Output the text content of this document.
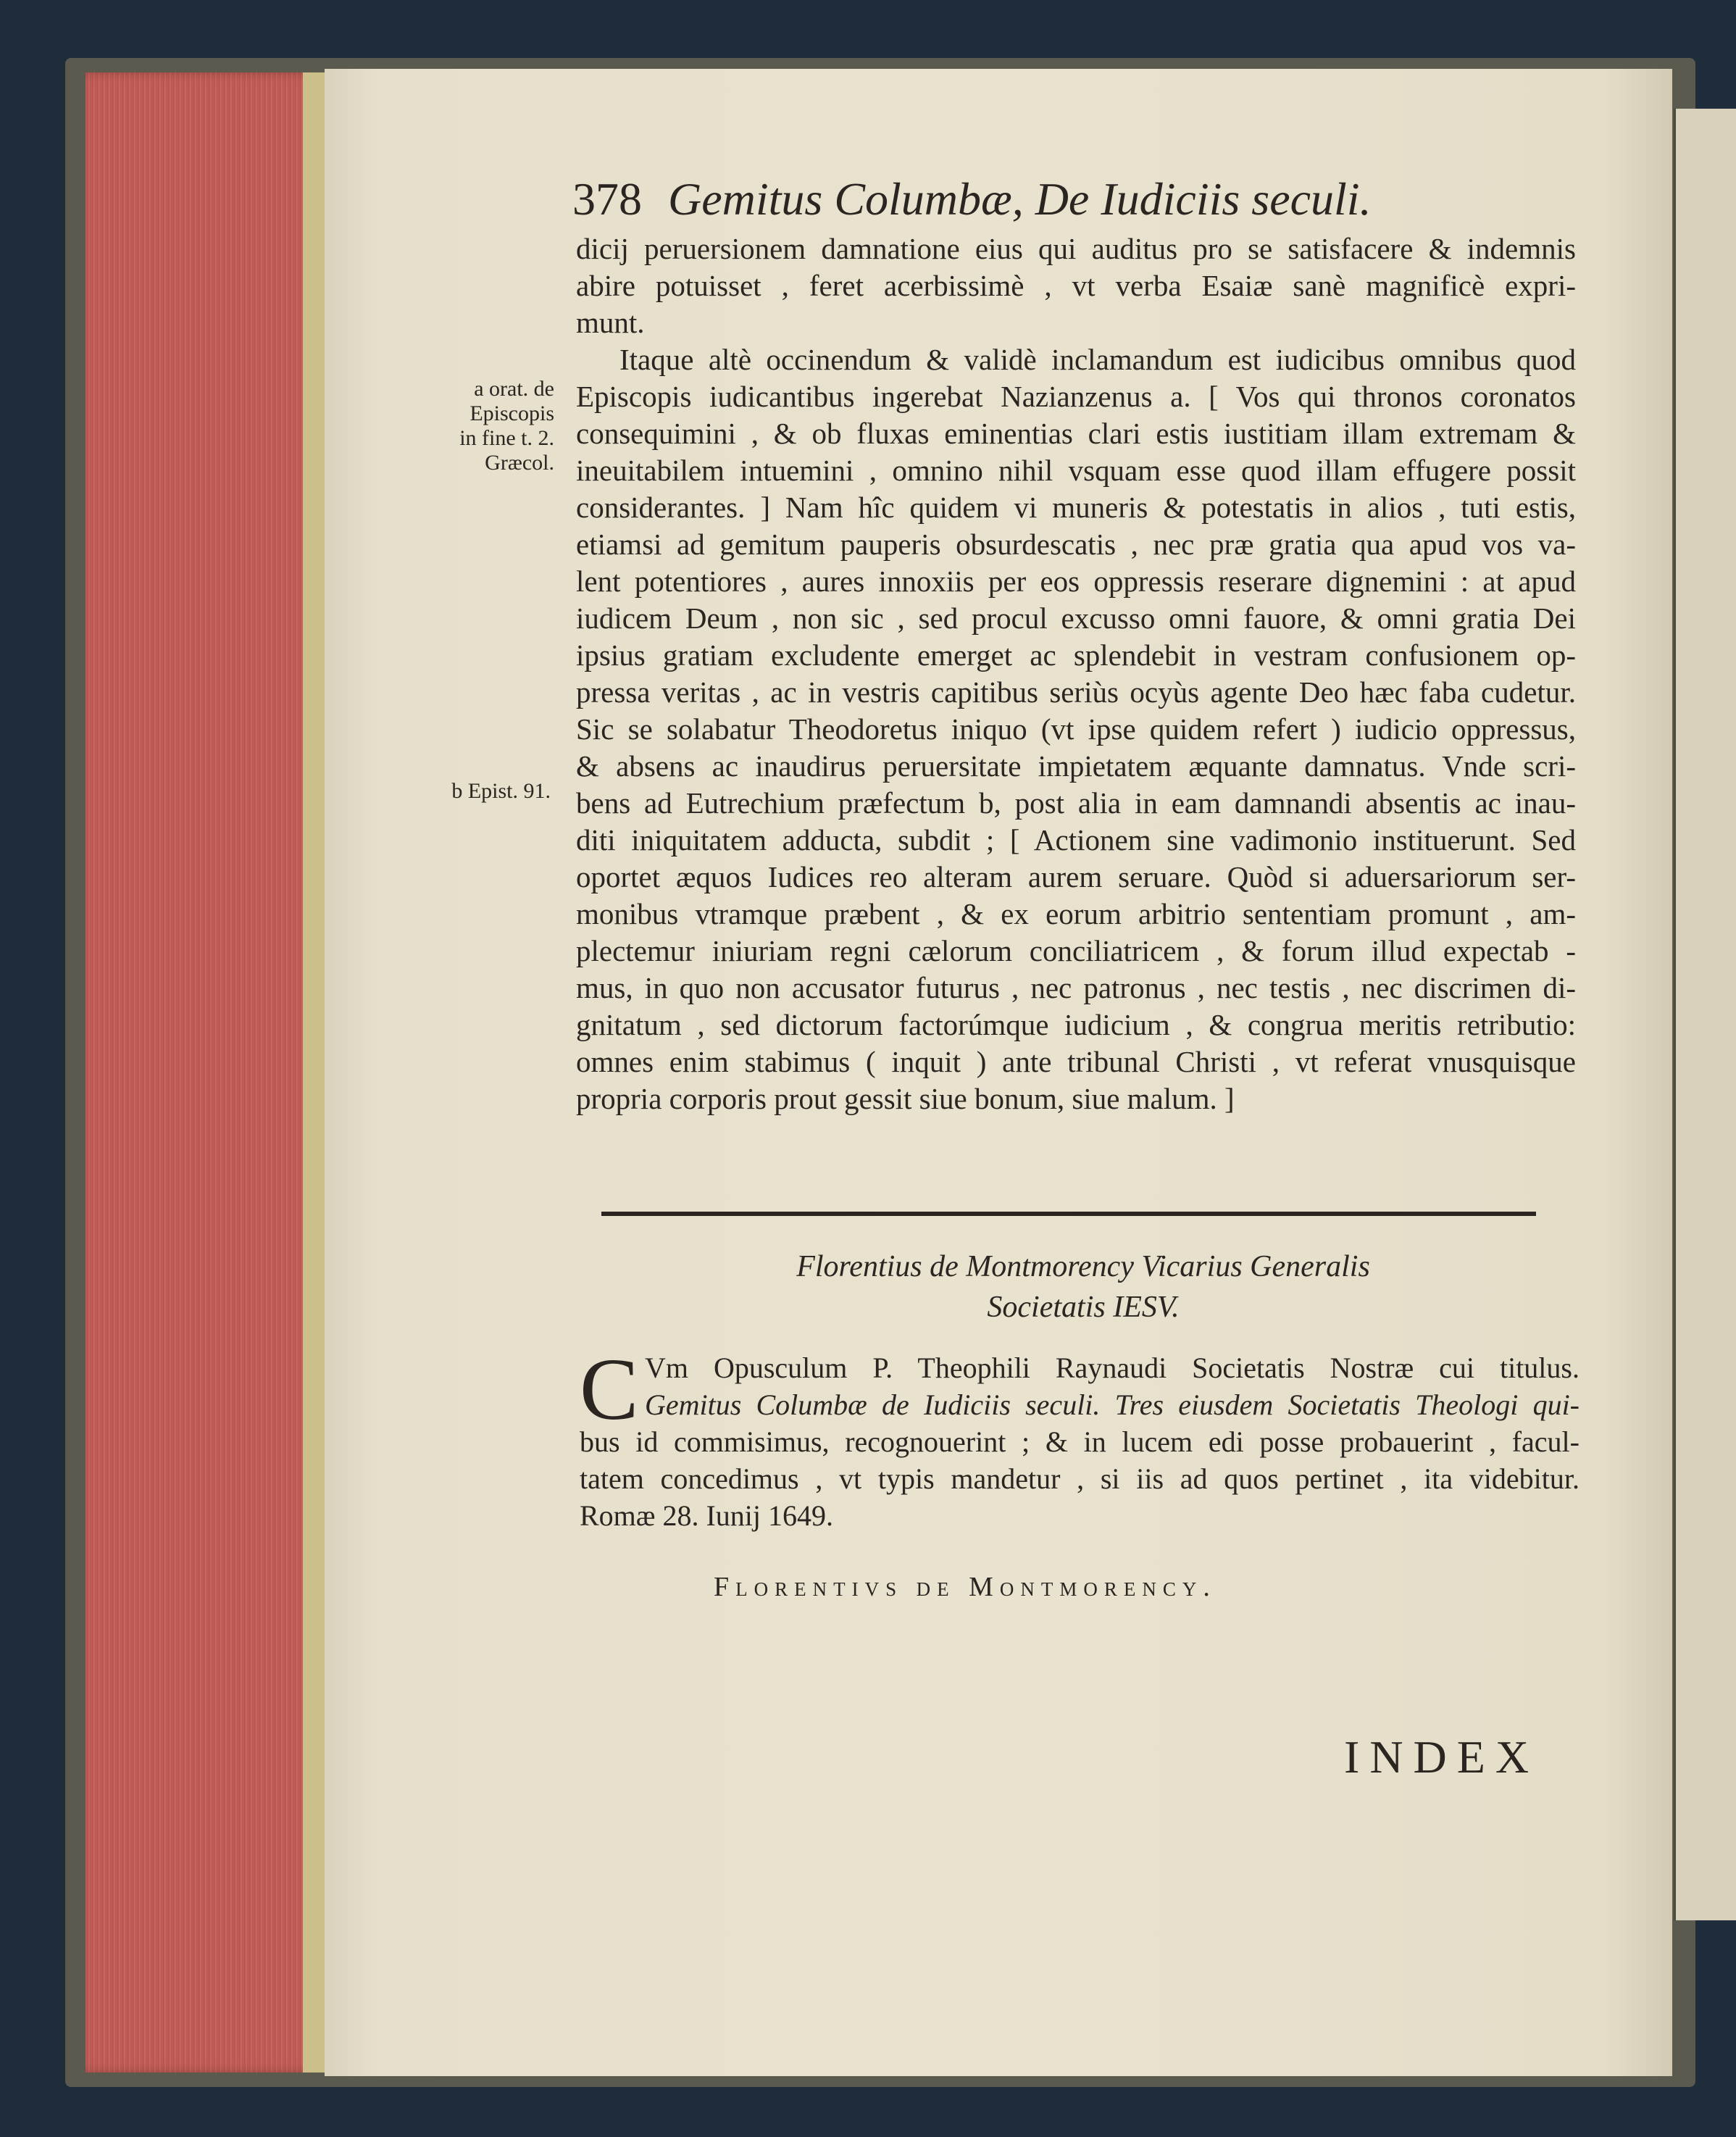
378 Gemitus Columbæ, De Iudiciis seculi.
a orat. de
Episcopis
in fine t. 2.
Græcol.
b Epist. 91.
dicij peruersionem damnatione eius qui auditus pro se satisfacere & indemnis
abire potuisset , feret acerbissimè , vt verba Esaiæ sanè magnificè expri-
munt.
Itaque altè occinendum & validè inclamandum est iudicibus omnibus quod
Episcopis iudicantibus ingerebat Nazianzenus a. [ Vos qui thronos coronatos
consequimini , & ob fluxas eminentias clari estis iustitiam illam extremam &
ineuitabilem intuemini , omnino nihil vsquam esse quod illam effugere possit
considerantes. ] Nam hîc quidem vi muneris & potestatis in alios , tuti estis,
etiamsi ad gemitum pauperis obsurdescatis , nec præ gratia qua apud vos va-
lent potentiores , aures innoxiis per eos oppressis reserare dignemini : at apud
iudicem Deum , non sic , sed procul excusso omni fauore, & omni gratia Dei
ipsius gratiam excludente emerget ac splendebit in vestram confusionem op-
pressa veritas , ac in vestris capitibus seriùs ocyùs agente Deo hæc faba cudetur.
Sic se solabatur Theodoretus iniquo (vt ipse quidem refert ) iudicio oppressus,
& absens ac inaudirus peruersitate impietatem æquante damnatus. Vnde scri-
bens ad Eutrechium præfectum b, post alia in eam damnandi absentis ac inau-
diti iniquitatem adducta, subdit ; [ Actionem sine vadimonio instituerunt. Sed
oportet æquos Iudices reo alteram aurem seruare. Quòd si aduersariorum ser-
monibus vtramque præbent , & ex eorum arbitrio sententiam promunt , am-
plectemur iniuriam regni cælorum conciliatricem , & forum illud expectab -
mus, in quo non accusator futurus , nec patronus , nec testis , nec discrimen di-
gnitatum , sed dictorum factorúmque iudicium , & congrua meritis retributio:
omnes enim stabimus ( inquit ) ante tribunal Christi , vt referat vnusquisque
propria corporis prout gessit siue bonum, siue malum. ]
Florentius de Montmorency Vicarius Generalis
Societatis IESV.
C Vm Opusculum P. Theophili Raynaudi Societatis Nostræ cui titulus.
Gemitus Columbæ de Iudiciis seculi. Tres eiusdem Societatis Theologi qui-
bus id commisimus, recognouerint ; & in lucem edi posse probauerint , facul-
tatem concedimus , vt typis mandetur , si iis ad quos pertinet , ita videbitur.
Romæ 28. Iunij 1649.
Florentivs de Montmorency.
INDEX
